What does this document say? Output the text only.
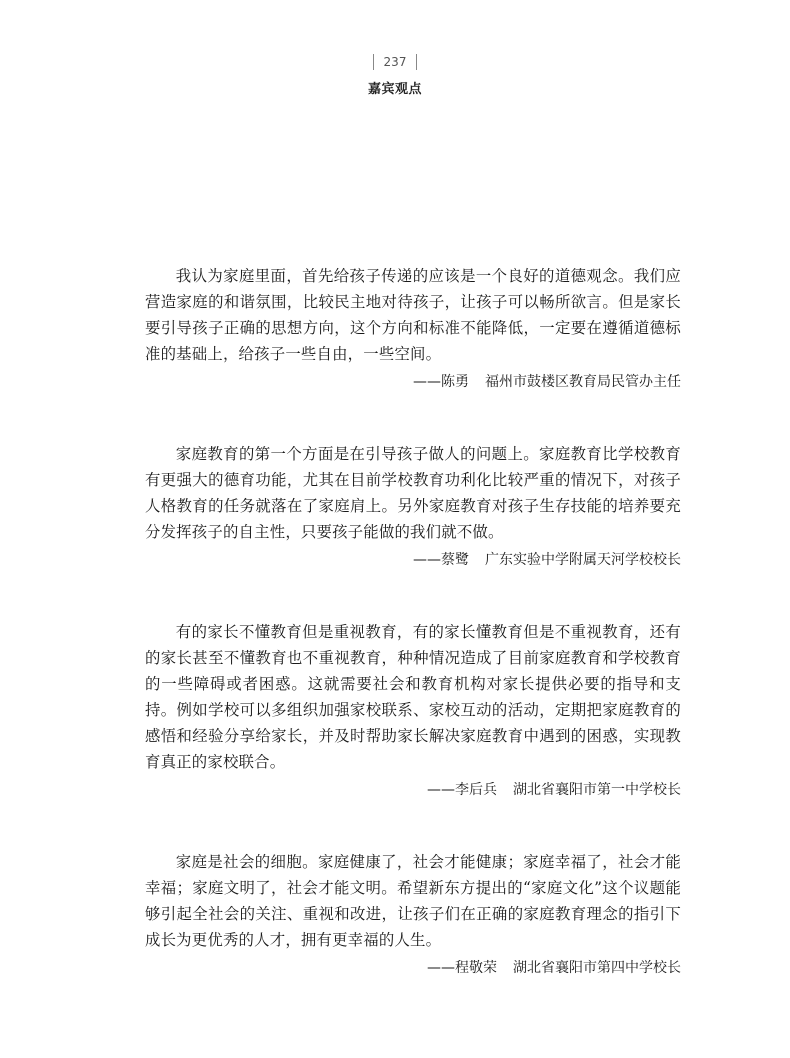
237
嘉宾观点

我认为家庭里面，首先给孩子传递的应该是一个良好的道德观念。我们应营造家庭的和谐氛围，比较民主地对待孩子，让孩子可以畅所欲言。但是家长要引导孩子正确的思想方向，这个方向和标准不能降低，一定要在遵循道德标准的基础上，给孩子一些自由，一些空间。

——陈勇 福州市鼓楼区教育局民管办主任

家庭教育的第一个方面是在引导孩子做人的问题上。家庭教育比学校教育有更强大的德育功能，尤其在目前学校教育功利化比较严重的情况下，对孩子人格教育的任务就落在了家庭肩上。另外家庭教育对孩子生存技能的培养要充分发挥孩子的自主性，只要孩子能做的我们就不做。

——蔡鹭 广东实验中学附属天河学校校长

有的家长不懂教育但是重视教育，有的家长懂教育但是不重视教育，还有的家长甚至不懂教育也不重视教育，种种情况造成了目前家庭教育和学校教育的一些障碍或者困惑。这就需要社会和教育机构对家长提供必要的指导和支持。例如学校可以多组织加强家校联系、家校互动的活动，定期把家庭教育的感悟和经验分享给家长，并及时帮助家长解决家庭教育中遇到的困惑，实现教育真正的家校联合。

——李后兵 湖北省襄阳市第一中学校长

家庭是社会的细胞。家庭健康了，社会才能健康；家庭幸福了，社会才能幸福；家庭文明了，社会才能文明。希望新东方提出的“家庭文化”这个议题能够引起全社会的关注、重视和改进，让孩子们在正确的家庭教育理念的指引下成长为更优秀的人才，拥有更幸福的人生。

——程敬荣 湖北省襄阳市第四中学校长
